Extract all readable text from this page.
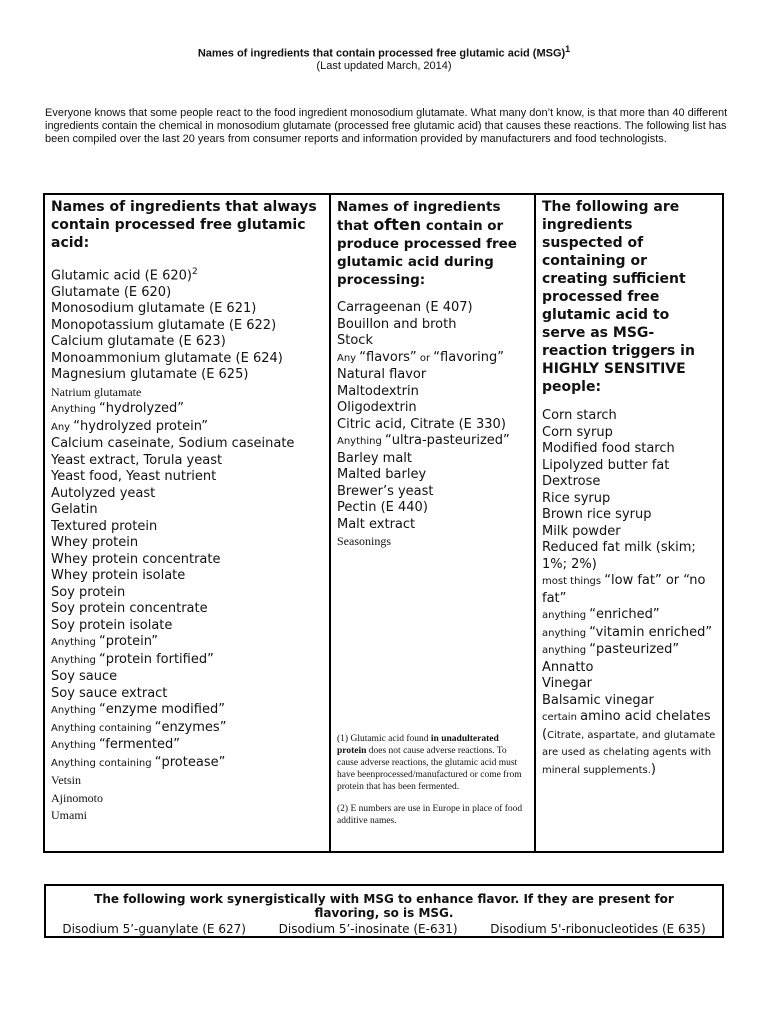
Names of ingredients that contain processed free glutamic acid (MSG)$^1$
(Last updated March, 2014)
Everyone knows that some people react to the food ingredient monosodium glutamate. What many don’t know, is that more than 40 different ingredients contain the chemical in monosodium glutamate (processed free glutamic acid) that causes these reactions. The following list has been compiled over the last 20 years from consumer reports and information provided by manufacturers and food technologists.
Names of ingredients that always contain processed free glutamic acid:
Glutamic acid (E 620)$^2$
Glutamate (E 620)
Monosodium glutamate (E 621)
Monopotassium glutamate (E 622)
Calcium glutamate (E 623)
Monoammonium glutamate (E 624)
Magnesium glutamate (E 625)
Natrium glutamate
Anything “hydrolyzed”
Any “hydrolyzed protein”
Calcium caseinate, Sodium caseinate
Yeast extract, Torula yeast
Yeast food, Yeast nutrient
Autolyzed yeast
Gelatin
Textured protein
Whey protein
Whey protein concentrate
Whey protein isolate
Soy protein
Soy protein concentrate
Soy protein isolate
Anything “protein”
Anything “protein fortified”
Soy sauce
Soy sauce extract
Anything “enzyme modified”
Anything containing “enzymes”
Anything “fermented”
Anything containing “protease”
Vetsin
Ajinomoto
Umami
Names of ingredients that often contain or produce processed free glutamic acid during processing:
Carrageenan (E 407)
Bouillon and broth
Stock
Any “flavors” or “flavoring”
Natural flavor
Maltodextrin
Oligodextrin
Citric acid, Citrate (E 330)
Anything “ultra-pasteurized”
Barley malt
Malted barley
Brewer’s yeast
Pectin (E 440)
Malt extract
Seasonings

(1) Glutamic acid found in unadulterated protein does not cause adverse reactions. To cause adverse reactions, the glutamic acid must have beenprocessed/manufactured or come from protein that has been fermented.

(2) E numbers are use in Europe in place of food additive names.

The following are ingredients suspected of containing or creating sufficient processed free glutamic acid to serve as MSG-reaction triggers in HIGHLY SENSITIVE people:
Corn starch
Corn syrup
Modified food starch
Lipolyzed butter fat
Dextrose
Rice syrup
Brown rice syrup
Milk powder
Reduced fat milk (skim; 1%; 2%)
most things “low fat” or “no fat”
anything “enriched”
anything “vitamin enriched”
anything “pasteurized”
Annatto
Vinegar
Balsamic vinegar
certain amino acid chelates (Citrate, aspartate, and glutamate are used as chelating agents with mineral supplements.)
The following work synergistically with MSG to enhance flavor. If they are present for flavoring, so is MSG.
Disodium 5’-guanylate (E 627)	Disodium 5’-inosinate (E-631)	Disodium 5'-ribonucleotides (E 635)
